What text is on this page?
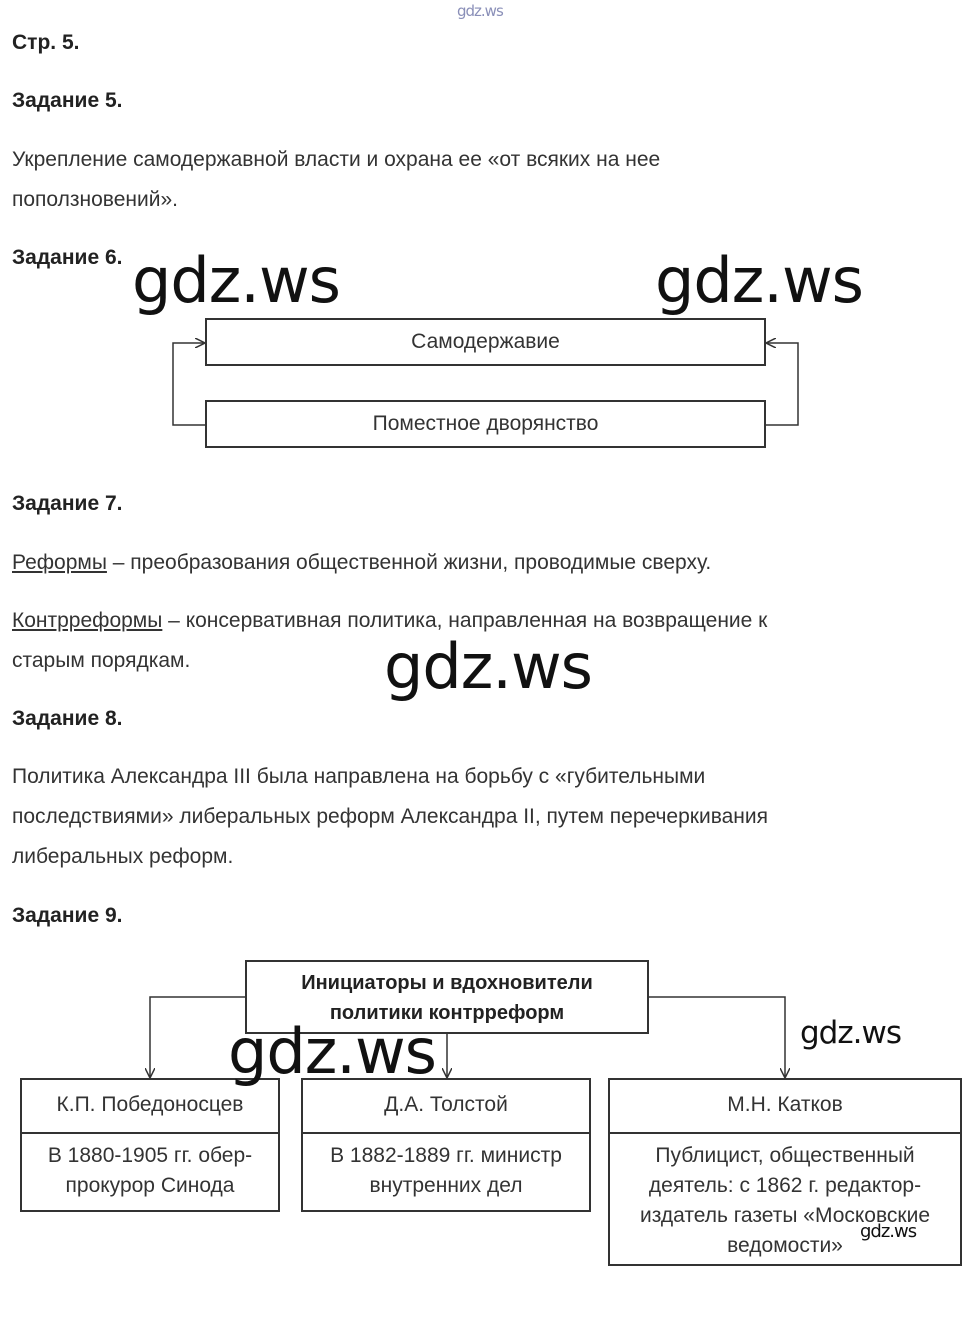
gdz.ws
Стр. 5.
Задание 5.
Укрепление самодержавной власти и охрана ее «от всяких на нее
поползновений».
Задание 6.
Самодержавие
Поместное дворянство
Задание 7.
Реформы – преобразования общественной жизни, проводимые сверху.
Контрреформы – консервативная политика, направленная на возвращение к
старым порядкам.
Задание 8.
Политика Александра III была направлена на борьбу с «губительными
последствиями» либеральных реформ Александра II, путем перечеркивания
либеральных реформ.
Задание 9.
Инициаторы и вдохновители
политики контрреформ
К.П. Победоносцев
В 1880-1905 гг. обер-
прокурор Синода
Д.А. Толстой
В 1882-1889 гг. министр
внутренних дел
М.Н. Катков
Публицист, общественный
деятель: с 1862 г. редактор-
издатель газеты «Московские
ведомости»
gdz.ws	gdz.ws
gdz.ws
gdz.ws	gdz.ws
gdz.ws
